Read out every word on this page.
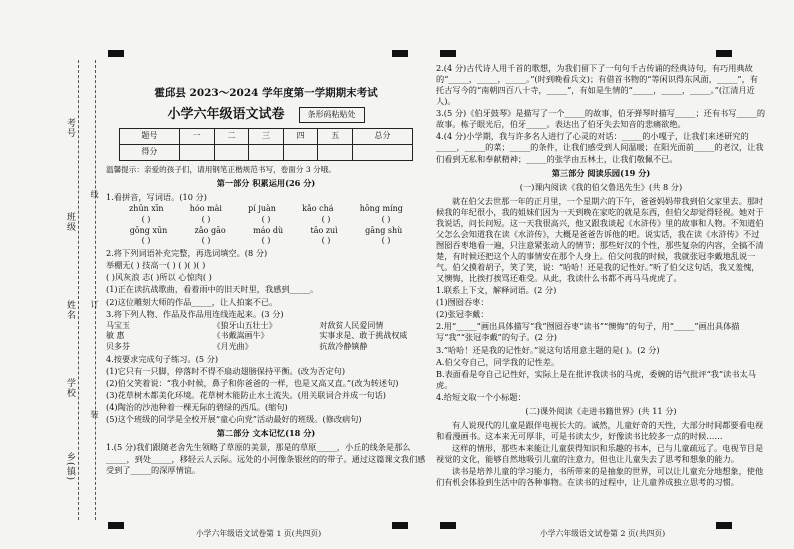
考号
班级
姓名
学校
乡(镇)
线
订
装
霍邱县 2023～2024 学年度第一学期期末考试
小学六年级语文试卷	条形码粘贴处
题号	一	二	三	四	五	总分
得分						
温馨提示：亲爱的孩子们，请用钢笔正楷规范书写，卷面分 3 分哦。
第一部分 积累运用(26 分)
1.看拼音，写词语。(10 分)
zhūn xīn	hóo mài	pí juàn	kǎo chá	hōng míng
( )	( )	( )	( )	( )
gōng xūn	zǎo gāo	máo dù	tāo zuì	gāng shù
( )	( )	( )	( )	( )
2.将下列词语补充完整，再选词填空。(8 分)
举棚无( ) 技高一( ) ( )( )( )
( )风灰浪 志( )所以 心惊肉( )
(1)正在读抗战歌曲，看着雨中的旧天时里，我感到_____。
(2)这位雕刻大师的作品_____，让人拍案不已。
3.将下列人物、作品及作品用连线连起来。(3 分)
马宝玉	《狼牙山五壮士》	对敌贫人民爱同情
敏 惠	《书戴嵩画牛》	实事求是、敢于挑战权威
贝多芬	《月光曲》	抗敌冷静镇静
4.按要求完成句子练习。(5 分)
(1)它只有一只脚，停落时不得不扇动翅膀保持平衡。(改为否定句)
(2)伯父笑着说：“我小时候，鼻子和你爸爸的一样，也是又高又直。”(改为转述句)
(3)花草树木都美化环境。花草树木能防止水土流失。(用关联词合并成一句话)
(4)陶治的沙池种着一棵无际的碧绿的西瓜。(缩句)
(5)这个班级的同学是全校开展“童心向党”活动最好的班级。(修改病句)
第二部分 文本记忆(18 分)
1.(5 分)我们跟随老舍先生领略了草原的美景，那是的草原_____，小丘的线条是那么_____，到处_____，移轻云人云际。远处的小河像条银丝的的带子。通过这篇课文我们感受到了_____的深厚情谊。
小学六年级语文试卷第 1 页(共四页)
2.(4 分)古代诗人用千首的歌想，为我们留下了一句句千古传诵的经典诗句，有巧用典故的“_____，_____，_____。”(时到晚看兵文)；有借首书物的“等闲识得东风面，_____”，有托古写今的“南朝四百八十寺，_____”，有如是生情的“_____，_____，_____。”(江清月近人)。
3.(5 分)《伯牙鼓琴》是描写了一个_____的故事，伯牙弹琴时描写_____；还有书写_____的故事。栋子眼光后，伯牙_____。表达出了伯牙失去知音的悲痛欲绝。
4.(4 分)小学期，我与许多名人进行了心灵的对话：_____的小嘎子，让我们来述研究的_____，_____的菜；_____的条件，让我们感受到人间温暖；在阳光面前_____的老汉，让我们看到无私和奉献精神；_____的张学由五林土，让我们敬佩不已。
第三部分 阅读乐园(19 分)
(一)课内阅读《我的伯父鲁迅先生》(共 8 分)
就在伯父去世那一年的正月里，一个星期六的下午，爸爸妈妈带我到伯父家里去。那时候我的年纪很小，我的姐妹们因为一天到晚在家吃的就是东西，但伯父却觉得轻视。她对于我说话，问长问短。这一天我很高兴，他又跟我谈起《水浒传》里的故事和人物。不知道伯父怎么会知道我在读《水浒传》，大概是爸爸告诉他的吧。说实话，我在读《水浒传》不过囫囵吞枣地看一遍，只注意紧张动人的情节；那些好汉的个性，那些复杂的内容，全搞不清楚，有时候还把这个人的事情安在那个人身上。伯父问我的时候，我就张冠李戴地乱说一气。伯父摸着胡子，笑了笑，说：“哈哈！还是我的记性好。”听了伯父这句话，我又羞愧，又懊悔，比挨打挨骂还难受。从此，我读什么书都不再马马虎虎了。
1.联系上下文，解释词语。(2 分)
(1)囫囵吞枣：
(2)张冠李戴：
2.用“_____”画出具体描写“我”囫囵吞枣“读书”“懊悔”的句子，用“_____”画出具体描写“我”“张冠李戴”的句子。(2 分)
3.“哈哈！还是我的记性好。”说这句话用意主题的是( )。(2 分)
A.伯父夸自己，同学我的记性差。
B.表面看是夸自己记性好，实际上是在批评我读书的马虎，委婉的语气批评“我”读书太马虎。
4.给短文取一个小标题：
(二)课外阅读《走进书籍世界》(共 11 分)
有人说现代的儿童是跟伴电视长大的。诚然，儿童好奇的天性，大部分时间都要看电视和看漫画书。这本来无可厚非，可是书读太少，好像读书比较多一点的时候……
这样的情形，那些本来能让儿童获得知识和乐趣的书本，已与儿童疏远了。电视节目是视觉的文化，能够自然地吸引儿童的注意力，但也让儿童失去了思考和想象的能力。
读书是培养儿童的学习能力，书所带来的是抽象的世界，可以让儿童充分地想象，使他们有机会体验到生活中的各种事物。在读书的过程中，让儿童养成独立思考的习惯。
小学六年级语文试卷第 2 页(共四页)
